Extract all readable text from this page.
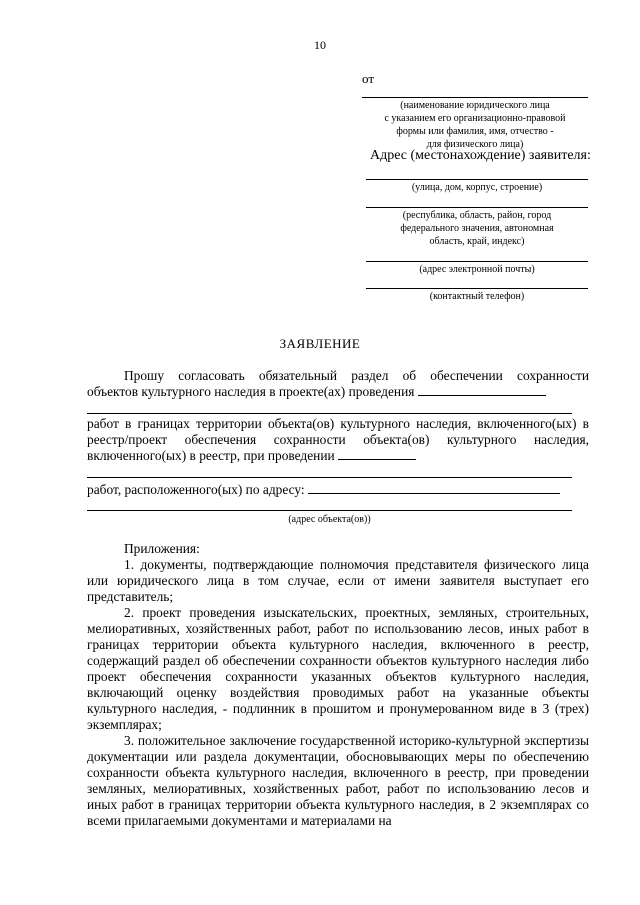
10
от
(наименование юридического лица
с указанием его организационно-правовой
формы или фамилия, имя, отчество -
для физического лица)
Адрес (местонахождение) заявителя:
(улица, дом, корпус, строение)
(республика, область, район, город
федерального значения, автономная
область, край, индекс)
(адрес электронной почты)
(контактный телефон)
ЗАЯВЛЕНИЕ

Прошу согласовать обязательный раздел об обеспечении сохранности

объектов культурного наследия в проекте(ах) проведения

работ в границах территории объекта(ов) культурного наследия, включенного(ых) в реестр/проект обеспечения сохранности объекта(ов) культурного наследия, включенного(ых) в реестр, при проведении

работ, расположенного(ых) по адресу:

(адрес объекта(ов))

Приложения:

1. документы, подтверждающие полномочия представителя физического лица или юридического лица в том случае, если от имени заявителя выступает его представитель;

2. проект проведения изыскательских, проектных, земляных, строительных, мелиоративных, хозяйственных работ, работ по использованию лесов, иных работ в границах территории объекта культурного наследия, включенного в реестр, содержащий раздел об обеспечении сохранности объектов культурного наследия либо проект обеспечения сохранности указанных объектов культурного наследия, включающий оценку воздействия проводимых работ на указанные объекты культурного наследия, - подлинник в прошитом и пронумерованном виде в 3 (трех) экземплярах;

3. положительное заключение государственной историко-культурной экспертизы документации или раздела документации, обосновывающих меры по обеспечению сохранности объекта культурного наследия, включенного в реестр, при проведении земляных, мелиоративных, хозяйственных работ, работ по использованию лесов и иных работ в границах территории объекта культурного наследия, в 2 экземплярах со всеми прилагаемыми документами и материалами на
